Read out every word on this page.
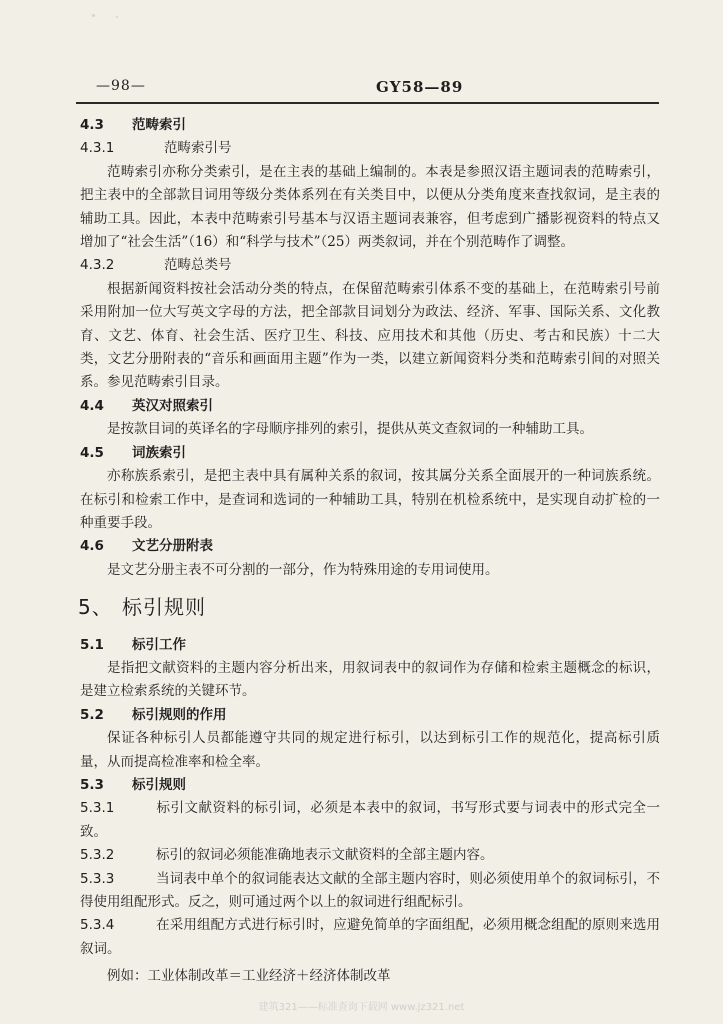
—98—	GY58—89
4.3 范畴索引
4.3.1	范畴索引号
范畴索引亦称分类索引，是在主表的基础上编制的。本表是参照汉语主题词表的范畴索引，把主表中的全部款目词用等级分类体系列在有关类目中，以便从分类角度来查找叙词，是主表的辅助工具。因此，本表中范畴索引号基本与汉语主题词表兼容，但考虑到广播影视资料的特点又增加了“社会生活”（16）和“科学与技术”（25）两类叙词，并在个别范畴作了调整。
4.3.2	范畴总类号
根据新闻资料按社会活动分类的特点，在保留范畴索引体系不变的基础上，在范畴索引号前采用附加一位大写英文字母的方法，把全部款目词划分为政法、经济、军事、国际关系、文化教育、文艺、体育、社会生活、医疗卫生、科技、应用技术和其他（历史、考古和民族）十二大类，文艺分册附表的“音乐和画面用主题”作为一类，以建立新闻资料分类和范畴索引间的对照关系。参见范畴索引目录。
4.4 英汉对照索引
是按款目词的英译名的字母顺序排列的索引，提供从英文查叙词的一种辅助工具。
4.5 词族索引
亦称族系索引，是把主表中具有属种关系的叙词，按其属分关系全面展开的一种词族系统。在标引和检索工作中，是查词和选词的一种辅助工具，特别在机检系统中，是实现自动扩检的一种重要手段。
4.6 文艺分册附表
是文艺分册主表不可分割的一部分，作为特殊用途的专用词使用。
5、 标引规则
5.1 标引工作
是指把文献资料的主题内容分析出来，用叙词表中的叙词作为存储和检索主题概念的标识，是建立检索系统的关键环节。
5.2 标引规则的作用
保证各种标引人员都能遵守共同的规定进行标引，以达到标引工作的规范化，提高标引质量，从而提高检准率和检全率。
5.3 标引规则
5.3.1	标引文献资料的标引词，必须是本表中的叙词，书写形式要与词表中的形式完全一致。
5.3.2	标引的叙词必须能准确地表示文献资料的全部主题内容。
5.3.3	当词表中单个的叙词能表达文献的全部主题内容时，则必须使用单个的叙词标引，不得使用组配形式。反之，则可通过两个以上的叙词进行组配标引。
5.3.4	在采用组配方式进行标引时，应避免简单的字面组配，必须用概念组配的原则来选用叙词。
例如：工业体制改革＝工业经济＋经济体制改革
建筑321——标准查询下载网 www.jz321.net
